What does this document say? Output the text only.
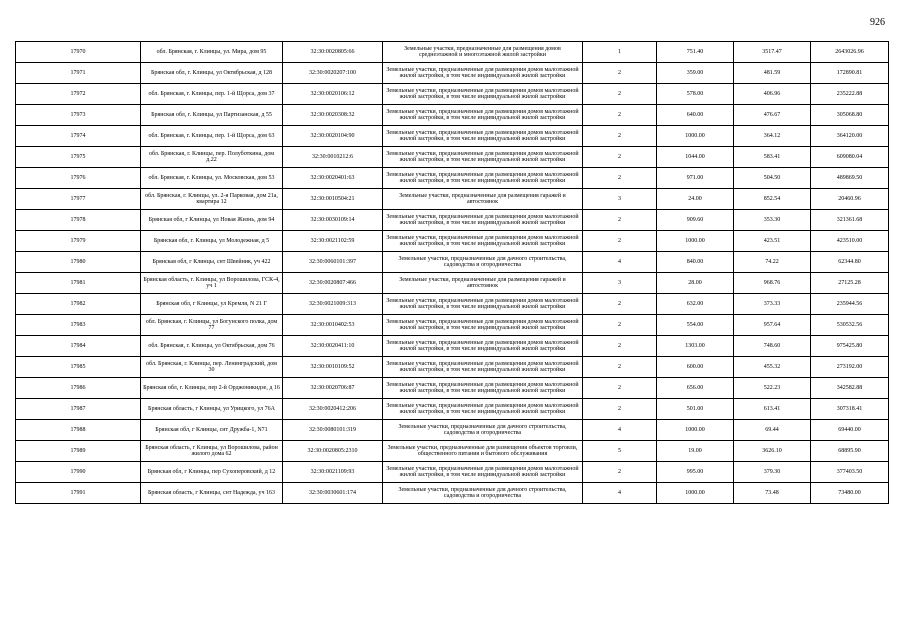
926
17970	обл. Брянская, г. Клинцы, ул. Мира, дом 95	32:30:0020805:66	Земельные участки, предназначенные для размещения домов среднеэтажной и многоэтажной жилой застройки	1	751.40	3517.47	2643026.96
17971	Брянская обл, г. Клинцы, ул Октябрьская, д 128	32:30:0020207:100	Земельные участки, предназначенные для размещения домов малоэтажной жилой застройки, в том числе индивидуальной жилой застройки	2	359.00	481.59	172890.81
17972	обл. Брянская, г. Клинцы, пер. 1-й Щорса, дом 37	32:30:0020106:12	Земельные участки, предназначенные для размещения домов малоэтажной жилой застройки, в том числе индивидуальной жилой застройки	2	578.00	406.96	235222.88
17973	Брянская обл, г. Клинцы, ул Партизанская, д 55	32:30:0020308:32	Земельные участки, предназначенные для размещения домов малоэтажной жилой застройки, в том числе индивидуальной жилой застройки	2	640.00	476.67	305068.80
17974	обл. Брянская, г. Клинцы, пер. 1-й Щорса, дом 63	32:30:0020104:90	Земельные участки, предназначенные для размещения домов малоэтажной жилой застройки, в том числе индивидуальной жилой застройки	2	1000.00	364.12	364120.00
17975	обл. Брянская, г. Клинцы, пер. Полуботкина, дом д.22	32:30:0010212:6	Земельные участки, предназначенные для размещения домов малоэтажной жилой застройки, в том числе индивидуальной жилой застройки	2	1044.00	583.41	609080.04
17976	обл. Брянская, г. Клинцы, ул. Московская, дом 53	32:30:0020401:63	Земельные участки, предназначенные для размещения домов малоэтажной жилой застройки, в том числе индивидуальной жилой застройки	2	971.00	504.50	489869.50
17977	обл. Брянская, г. Клинцы, ул. 2-я Парковая, дом 21а, квартира 12	32:30:0010504:21	Земельные участки, предназначенные для размещения гаражей и автостоянок	3	24.00	852.54	20460.96
17978	Брянская обл, г Клинцы, ул Новая Жизнь, дом 94	32:30:0030109:14	Земельные участки, предназначенные для размещения домов малоэтажной жилой застройки, в том числе индивидуальной жилой застройки	2	909.60	353.30	321361.68
17979	Брянская обл, г. Клинцы, ул Молодежная, д 5	32:30:0021102:59	Земельные участки, предназначенные для размещения домов малоэтажной жилой застройки, в том числе индивидуальной жилой застройки	2	1000.00	423.51	423510.00
17980	Брянская обл, г Клинцы, снт Швейник, уч 422	32:30:0060101:397	Земельные участки, предназначенные для дачного строительства, садоводства и огородничества	4	840.00	74.22	62344.80
17981	Брянская область, г. Клинцы, ул Ворошилова, ГСК-4, уч 1	32:30:0020807:466	Земельные участки, предназначенные для размещения гаражей и автостоянок	3	28.00	968.76	27125.28
17982	Брянская обл, г Клинцы, ул Кремля, N 21 Г	32:30:0021009:313	Земельные участки, предназначенные для размещения домов малоэтажной жилой застройки, в том числе индивидуальной жилой застройки	2	632.00	373.33	235944.56
17983	обл. Брянская, г. Клинцы, ул Богунского полка, дом 77	32:30:0010402:53	Земельные участки, предназначенные для размещения домов малоэтажной жилой застройки, в том числе индивидуальной жилой застройки	2	554.00	957.64	530532.56
17984	обл. Брянская, г. Клинцы, ул Октябрьская, дом 76	32:30:0020411:10	Земельные участки, предназначенные для размещения домов малоэтажной жилой застройки, в том числе индивидуальной жилой застройки	2	1303.00	748.60	975425.80
17985	обл. Брянская, г. Клинцы, пер. Ленинградский, дом 30	32:30:0010109:52	Земельные участки, предназначенные для размещения домов малоэтажной жилой застройки, в том числе индивидуальной жилой застройки	2	600.00	455.32	273192.00
17986	Брянская обл, г. Клинцы, пер 2-й Орджоникидзе, д 16	32:30:0020706:87	Земельные участки, предназначенные для размещения домов малоэтажной жилой застройки, в том числе индивидуальной жилой застройки	2	656.00	522.23	342582.88
17987	Брянская область, г Клинцы, ул Урицкого, ул 76А	32:30:0020412:206	Земельные участки, предназначенные для размещения домов малоэтажной жилой застройки, в том числе индивидуальной жилой застройки	2	501.00	613.41	307318.41
17988	Брянская обл, г Клинцы, снт Дружба-1, N71	32:30:0080101:319	Земельные участки, предназначенные для дачного строительства, садоводства и огородничества	4	1000.00	69.44	69440.00
17989	Брянская область, г Клинцы, ул Ворошилова, район жилого дома 62	32:30:0020805:2310	Земельные участки, предназначенные для размещения объектов торговли, общественного питания и бытового обслуживания	5	19.00	3626.10	68895.90
17990	Брянская обл, г Клинцы, пер Сухоперовский, д 12	32:30:0021109:93	Земельные участки, предназначенные для размещения домов малоэтажной жилой застройки, в том числе индивидуальной жилой застройки	2	995.00	379.30	377403.50
17991	Брянская область, г Клинцы, снт Надежда, уч 163	32:30:0030601:174	Земельные участки, предназначенные для дачного строительства, садоводства и огородничества	4	1000.00	73.48	73480.00
